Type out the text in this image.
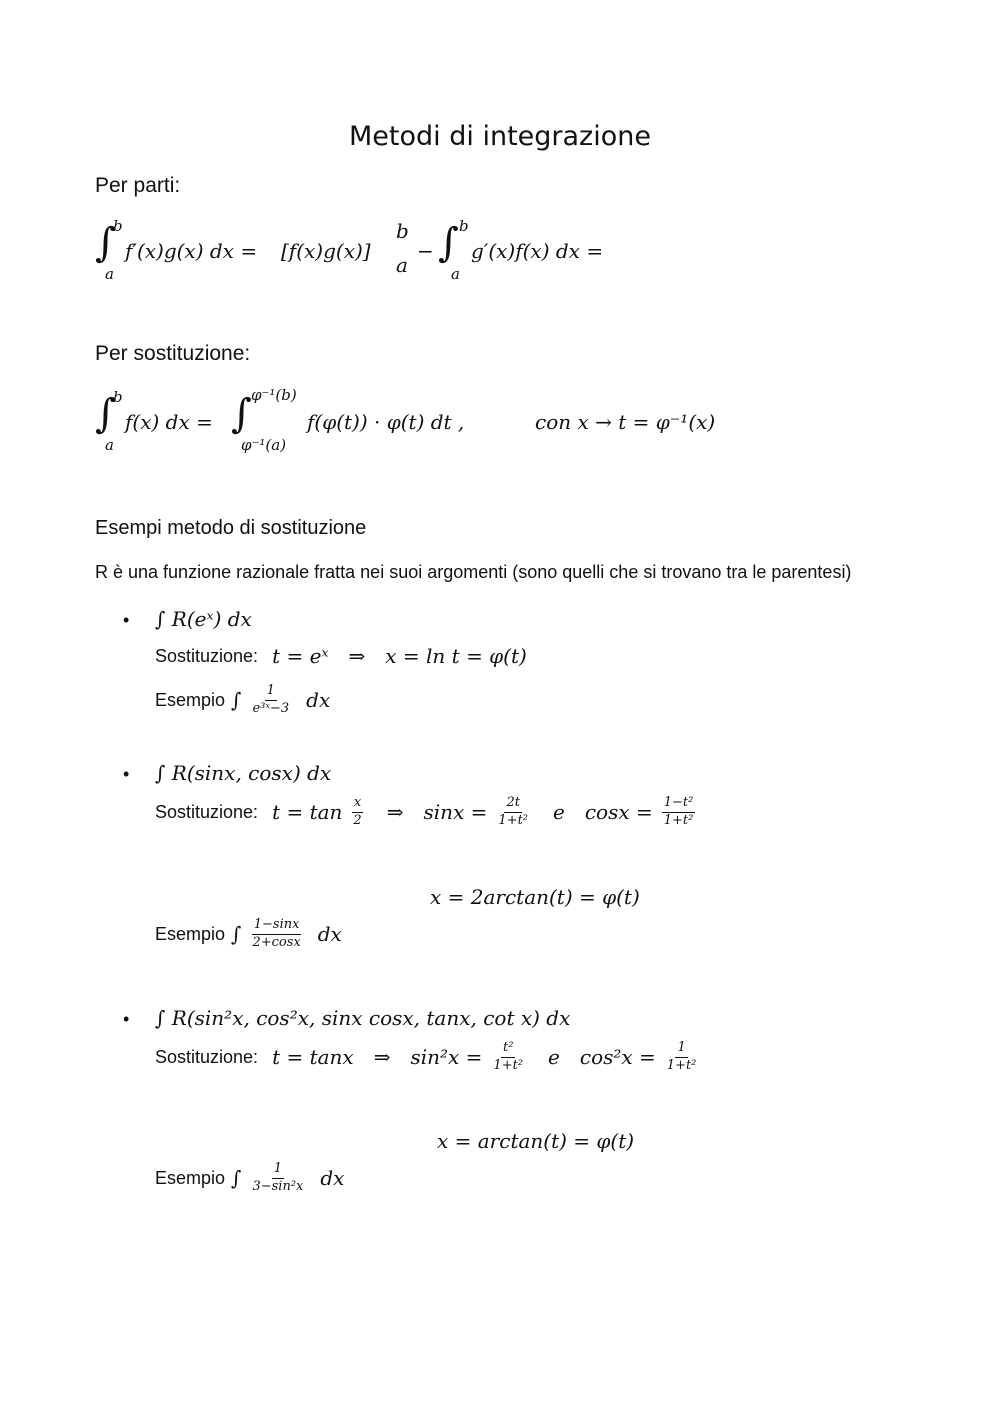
Metodi di integrazione
Per parti:
∫
b
a
f′(x)g(x) dx = [f(x)g(x)]
b
a
− ∫ b
a
g′(x)f(x) dx =
Per sostituzione:
∫
b
a
f(x) dx = ∫ φ⁻¹(b)
φ⁻¹(a)
f(φ(t)) · φ(t) dt ,	con x → t = φ⁻¹(x)
Esempi metodo di sostituzione
R è una funzione razionale fratta nei suoi argomenti (sono quelli che si trovano tra le parentesi)
• ∫ R(eˣ) dx
Sostituzione: t = eˣ ⇒ x = ln t = φ(t)
Esempio ∫ $\frac{1}{\text{e³ˣ−3}}$ dx
• ∫ R(sinx, cosx) dx
Sostituzione: $t = \tan \frac{x}{2}$ ⇒ $\sin x = \frac{2t}{\text{1+t²}}$ e $\cos x = \frac{\text{1−t²}}{\text{1+t²}}$
x = 2arctan(t) = φ(t)
Esempio ∫ $\frac{1-\sin x}{2+\cos x}$ dx
• ∫ R(sin²x, cos²x, sinx cosx, tanx, cot x) dx
Sostituzione: t = tanx ⇒ $\sin^2x = \frac{\text{t²}}{\text{1+t²}}$ e $\cos^2x = \frac{1}{\text{1+t²}}$
x = arctan(t) = φ(t)
Esempio ∫ $\frac{1}{\text{3−sin²x}}$ dx
